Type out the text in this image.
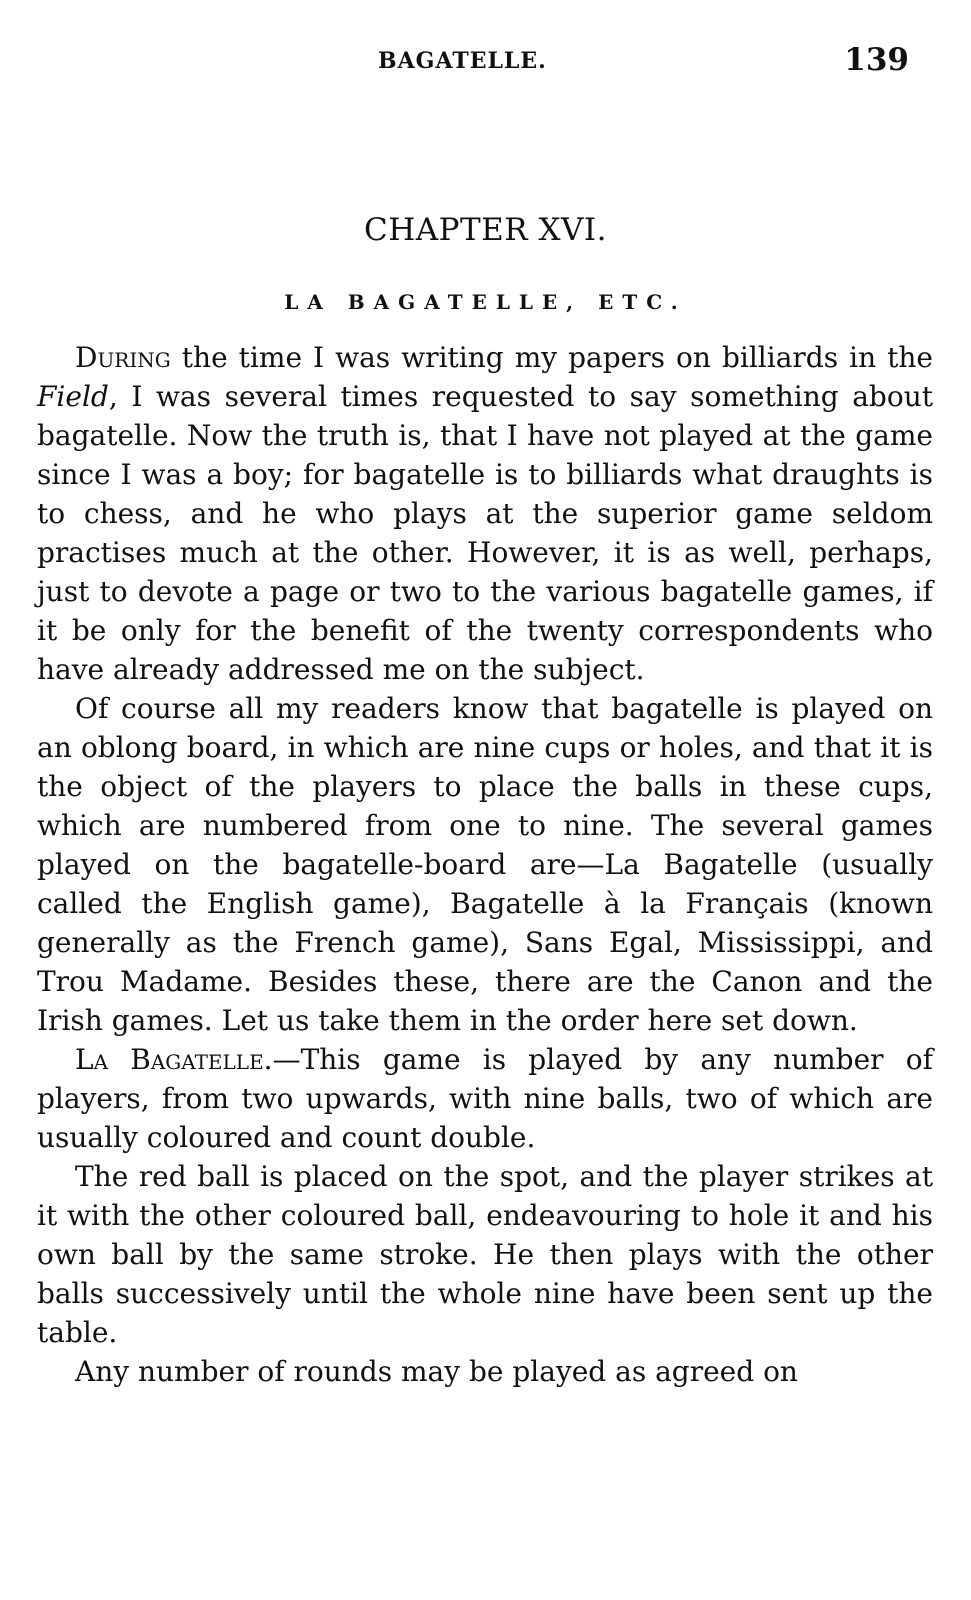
BAGATELLE.	139
CHAPTER XVI.
LA BAGATELLE, ETC.

During the time I was writing my papers on billiards in the Field, I was several times requested to say something about bagatelle. Now the truth is, that I have not played at the game since I was a boy; for bagatelle is to billiards what draughts is to chess, and he who plays at the superior game seldom practises much at the other. However, it is as well, perhaps, just to devote a page or two to the various bagatelle games, if it be only for the benefit of the twenty correspondents who have already addressed me on the subject.

Of course all my readers know that bagatelle is played on an oblong board, in which are nine cups or holes, and that it is the object of the players to place the balls in these cups, which are numbered from one to nine. The several games played on the bagatelle-board are—La Bagatelle (usually called the English game), Bagatelle à la Français (known generally as the French game), Sans Egal, Mississippi, and Trou Madame. Besides these, there are the Canon and the Irish games. Let us take them in the order here set down.

La Bagatelle.—This game is played by any number of players, from two upwards, with nine balls, two of which are usually coloured and count double.

The red ball is placed on the spot, and the player strikes at it with the other coloured ball, endeavouring to hole it and his own ball by the same stroke. He then plays with the other balls successively until the whole nine have been sent up the table.

Any number of rounds may be played as agreed on
